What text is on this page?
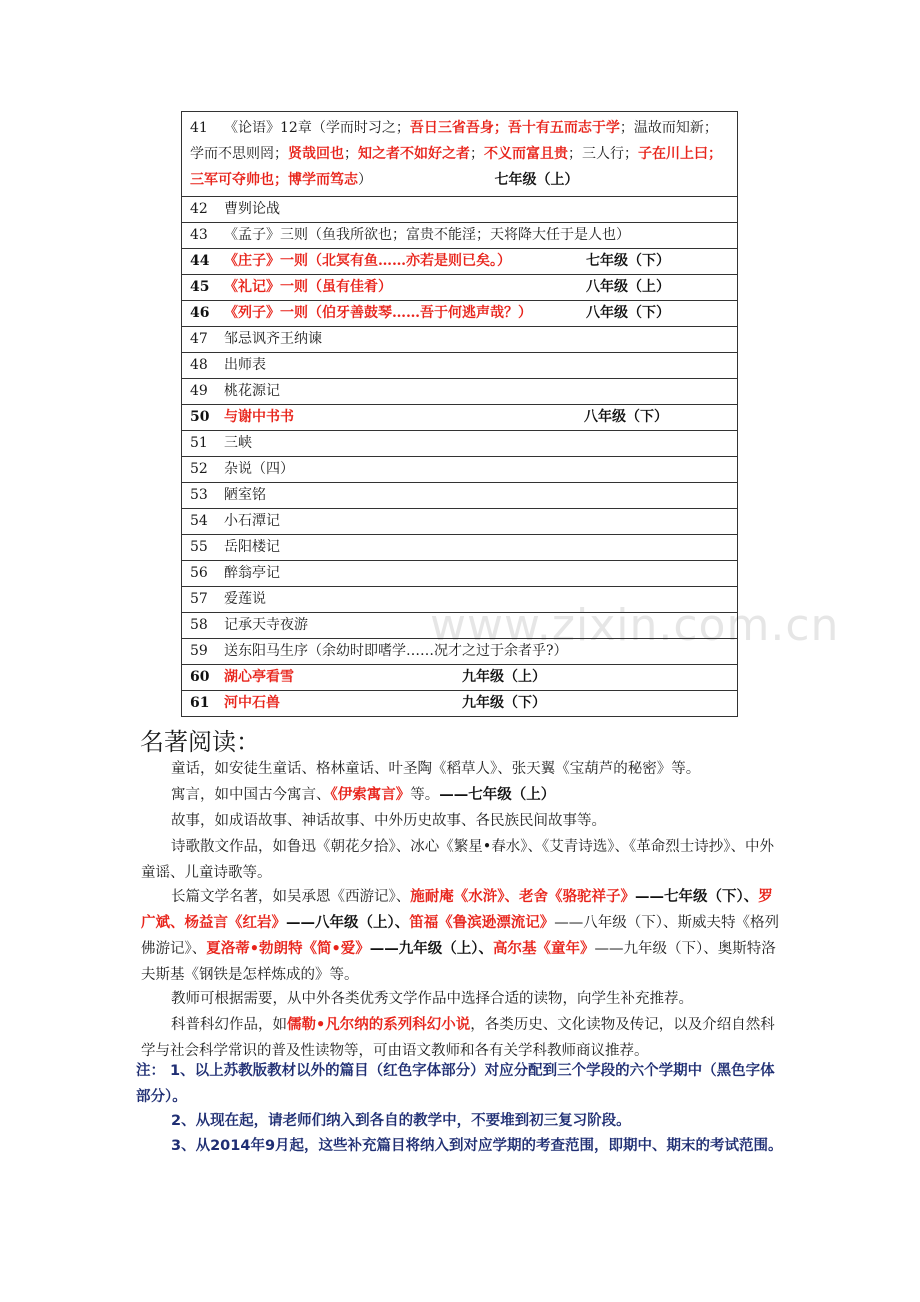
www.zixin.com.cn
41 《论语》12章（学而时习之；吾日三省吾身；吾十有五而志于学；温故而知新；学而不思则罔；贤哉回也；知之者不如好之者；不义而富且贵；三人行；子在川上曰；三军可夺帅也；博学而笃志）	七年级（上）
42 曹刿论战
43 《孟子》三则（鱼我所欲也；富贵不能淫；天将降大任于是人也）
44 《庄子》一则（北冥有鱼……亦若是则已矣。）	七年级（下）
45 《礼记》一则（虽有佳肴）	八年级（上）
46 《列子》一则（伯牙善鼓琴……吾于何逃声哉？）	八年级（下）
47 邹忌讽齐王纳谏
48 出师表
49 桃花源记
50 与谢中书书	八年级（下）
51 三峡
52 杂说（四）
53 陋室铭
54 小石潭记
55 岳阳楼记
56 醉翁亭记
57 爱莲说
58 记承天寺夜游
59 送东阳马生序（余幼时即嗜学……况才之过于余者乎?）
60 湖心亭看雪	九年级（上）
61 河中石兽	九年级（下）
名著阅读：
童话，如安徒生童话、格林童话、叶圣陶《稻草人》、张天翼《宝葫芦的秘密》等。
寓言，如中国古今寓言、《伊索寓言》等。——七年级（上）
故事，如成语故事、神话故事、中外历史故事、各民族民间故事等。
诗歌散文作品，如鲁迅《朝花夕拾》、冰心《繁星•春水》、《艾青诗选》、《革命烈士诗抄》、中外童谣、儿童诗歌等。
长篇文学名著，如吴承恩《西游记》、施耐庵《水浒》、老舍《骆驼祥子》——七年级（下）、罗广斌、杨益言《红岩》——八年级（上）、笛福《鲁滨逊漂流记》——八年级（下）、斯威夫特《格列佛游记》、夏洛蒂•勃朗特《简•爱》——九年级（上）、高尔基《童年》——九年级（下）、奥斯特洛夫斯基《钢铁是怎样炼成的》等。
教师可根据需要，从中外各类优秀文学作品中选择合适的读物，向学生补充推荐。
科普科幻作品，如儒勒•凡尔纳的系列科幻小说，各类历史、文化读物及传记，以及介绍自然科学与社会科学常识的普及性读物等，可由语文教师和各有关学科教师商议推荐。
注： 1、以上苏教版教材以外的篇目（红色字体部分）对应分配到三个学段的六个学期中（黑色字体部分）。
2、从现在起，请老师们纳入到各自的教学中，不要堆到初三复习阶段。
3、从2014年9月起，这些补充篇目将纳入到对应学期的考查范围，即期中、期末的考试范围。
